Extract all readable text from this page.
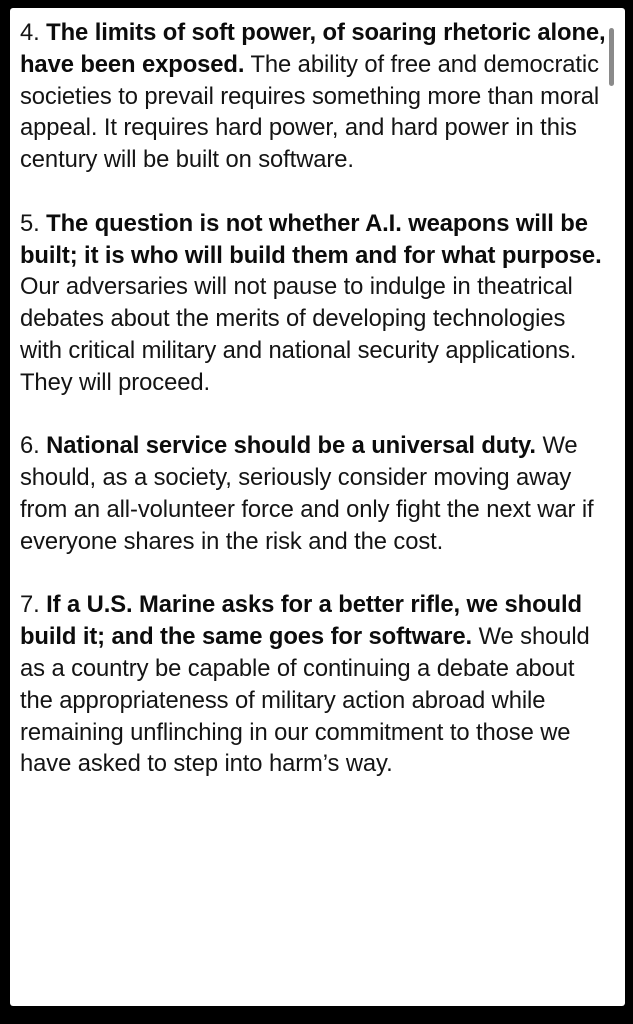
4. The limits of soft power, of soaring rhetoric alone, have been exposed. The ability of free and democratic societies to prevail requires something more than moral appeal. It requires hard power, and hard power in this century will be built on software.

5. The question is not whether A.I. weapons will be built; it is who will build them and for what purpose. Our adversaries will not pause to indulge in theatrical debates about the merits of developing technologies with critical military and national security applications. They will proceed.

6. National service should be a universal duty. We should, as a society, seriously consider moving away from an all-volunteer force and only fight the next war if everyone shares in the risk and the cost.

7. If a U.S. Marine asks for a better rifle, we should build it; and the same goes for software. We should as a country be capable of continuing a debate about the appropriateness of military action abroad while remaining unflinching in our commitment to those we have asked to step into harm’s way.
